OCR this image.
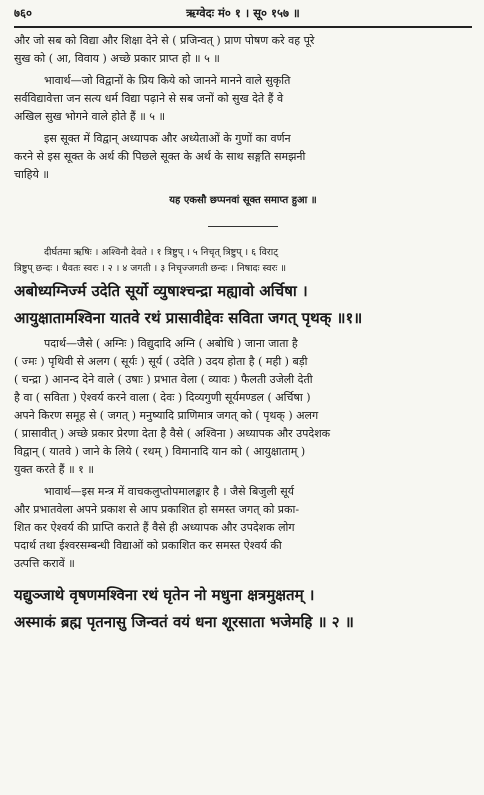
७६०	ऋग्वेदः मं० १ । सू० १५७ ॥

और जो सब को विद्या और शिक्षा देने से ( प्रजिन्वत् ) प्राण पोषण करे वह पूरे

सुख को ( आ, विवाय ) अच्छे प्रकार प्राप्त हो ॥ ५ ॥

भावार्थ—जो विद्वानों के प्रिय किये को जानने मानने वाले सुकृति

सर्वविद्यावेत्ता जन सत्य धर्म विद्या पढ़ाने से सब जनों को सुख देते हैं वे

अखिल सुख भोगने वाले होते हैं ॥ ५ ॥

इस सूक्त में विद्वान् अध्यापक और अध्येताओं के गुणों का वर्णन

करने से इस सूक्त के अर्थ की पिछले सूक्त के अर्थ के साथ सङ्गति समझनी

चाहिये ॥

यह एकसौ छप्पनवां सूक्त समाप्त हुआ ॥

दीर्घतमा ऋषिः । अश्विनौ देवते । १ त्रिष्टुप् । ५ निचृत् त्रिष्टुप् । ६ विराट्

त्रिष्टुप् छन्दः । धैवतः स्वरः । २ । ४ जगती । ३ निचृज्जगती छन्दः । निषादः स्वरः ॥

अबोध्यग्निर्ज्म उदेति सूर्यो व्युषाश्चन्द्रा मह्यावो अर्चिषा ।

आयुक्षातामश्विना यातवे रथं प्रासावीद्देवः सविता जगत् पृथक् ॥१॥

पदार्थ—जैसे ( अग्निः ) विद्युदादि अग्नि ( अबोधि ) जाना जाता है

( ज्मः ) पृथिवी से अलग ( सूर्यः ) सूर्य ( उदेति ) उदय होता है ( मही ) बड़ी

( चन्द्रा ) आनन्द देने वाले ( उषाः ) प्रभात वेला ( व्यावः ) फैलती उजेली देती

है वा ( सविता ) ऐश्वर्य करने वाला ( देवः ) दिव्यगुणी सूर्यमण्डल ( अर्चिषा )

अपने किरण समूह से ( जगत् ) मनुष्यादि प्राणिमात्र जगत् को ( पृथक् ) अलग

( प्रासावीत् ) अच्छे प्रकार प्रेरणा देता है वैसे ( अश्विना ) अध्यापक और उपदेशक

विद्वान् ( यातवे ) जाने के लिये ( रथम् ) विमानादि यान को ( आयुक्षाताम् )

युक्त करते हैं ॥ १ ॥

भावार्थ—इस मन्त्र में वाचकलुप्तोपमालङ्कार है । जैसे बिजुली सूर्य

और प्रभातवेला अपने प्रकाश से आप प्रकाशित हो समस्त जगत् को प्रका-

शित कर ऐश्वर्य की प्राप्ति कराते हैं वैसे ही अध्यापक और उपदेशक लोग

पदार्थ तथा ईश्वरसम्बन्धी विद्याओं को प्रकाशित कर समस्त ऐश्वर्य की

उत्पत्ति करावें ॥

यद्युञ्जाथे वृषणमश्विना रथं घृतेन नो मधुना क्षत्रमुक्षतम् ।

अस्माकं ब्रह्म पृतनासु जिन्वतं वयं धना शूरसाता भजेमहि ॥ २ ॥
